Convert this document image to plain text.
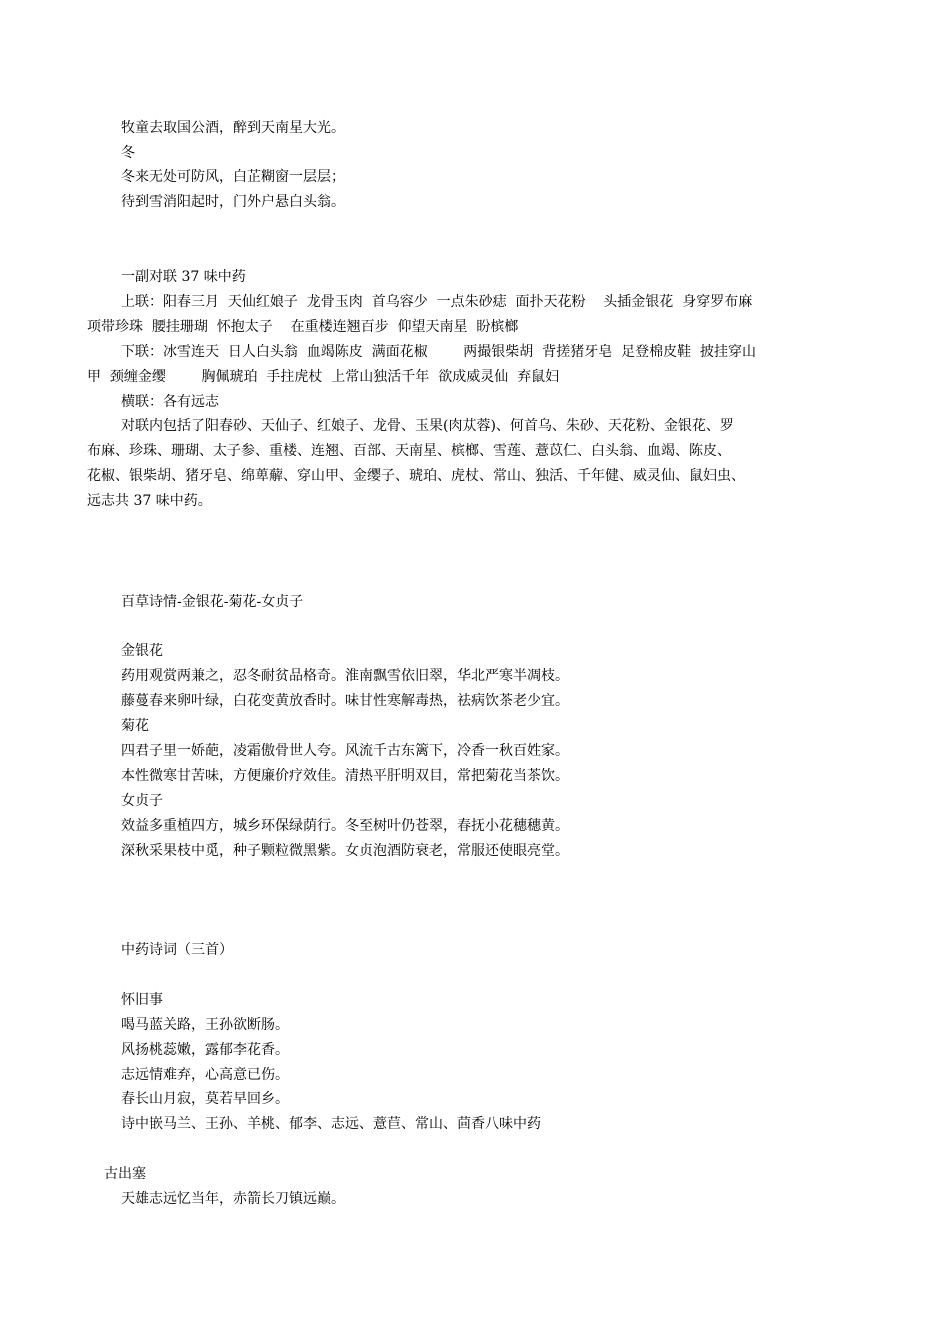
牧童去取国公酒，醉到天南星大光。

冬

冬来无处可防风，白芷糊窗一层层；

待到雪消阳起时，门外户悬白头翁。

一副对联 37 味中药

上联：阳春三月  天仙红娘子  龙骨玉肉  首乌容少  一点朱砂痣  面扑天花粉    头插金银花  身穿罗布麻

项带珍珠  腰挂珊瑚  怀抱太子    在重楼连翘百步  仰望天南星  盼槟榔

下联：冰雪连天  日人白头翁  血竭陈皮  满面花椒        两撮银柴胡  背搓猪牙皂  足登棉皮鞋  披挂穿山

甲  颈缠金缨        胸佩琥珀  手拄虎杖  上常山独活千年  欲成威灵仙  弃鼠妇

横联：各有远志

对联内包括了阳春砂、天仙子、红娘子、龙骨、玉果(肉苁蓉)、何首乌、朱砂、天花粉、金银花、罗

布麻、珍珠、珊瑚、太子参、重楼、连翘、百部、天南星、槟榔、雪莲、薏苡仁、白头翁、血竭、陈皮、

花椒、银柴胡、猪牙皂、绵萆薢、穿山甲、金缨子、琥珀、虎杖、常山、独活、千年健、威灵仙、鼠妇虫、

远志共 37 味中药。

百草诗情-金银花-菊花-女贞子

金银花

药用观赏两兼之，忍冬耐贫品格奇。淮南飘雪依旧翠，华北严寒半凋枝。

藤蔓春来卵叶绿，白花变黄放香时。味甘性寒解毒热，祛病饮茶老少宜。

菊花

四君子里一娇葩，凌霜傲骨世人夸。风流千古东篱下，冷香一秋百姓家。

本性微寒甘苦味，方便廉价疗效佳。清热平肝明双目，常把菊花当茶饮。

女贞子

效益多重植四方，城乡环保绿荫行。冬至树叶仍苍翠，春抚小花穗穗黄。

深秋采果枝中觅，种子颗粒微黑紫。女贞泡酒防衰老，常服还使眼亮堂。

中药诗词（三首）

怀旧事

喝马蓝关路，王孙欲断肠。

风扬桃蕊嫩，露郁李花香。

志远情难弃，心高意已伤。

春长山月寂，莫若早回乡。

诗中嵌马兰、王孙、羊桃、郁李、志远、薏苣、常山、茴香八味中药

古出塞

天雄志远忆当年，赤箭长刀镇远巅。
